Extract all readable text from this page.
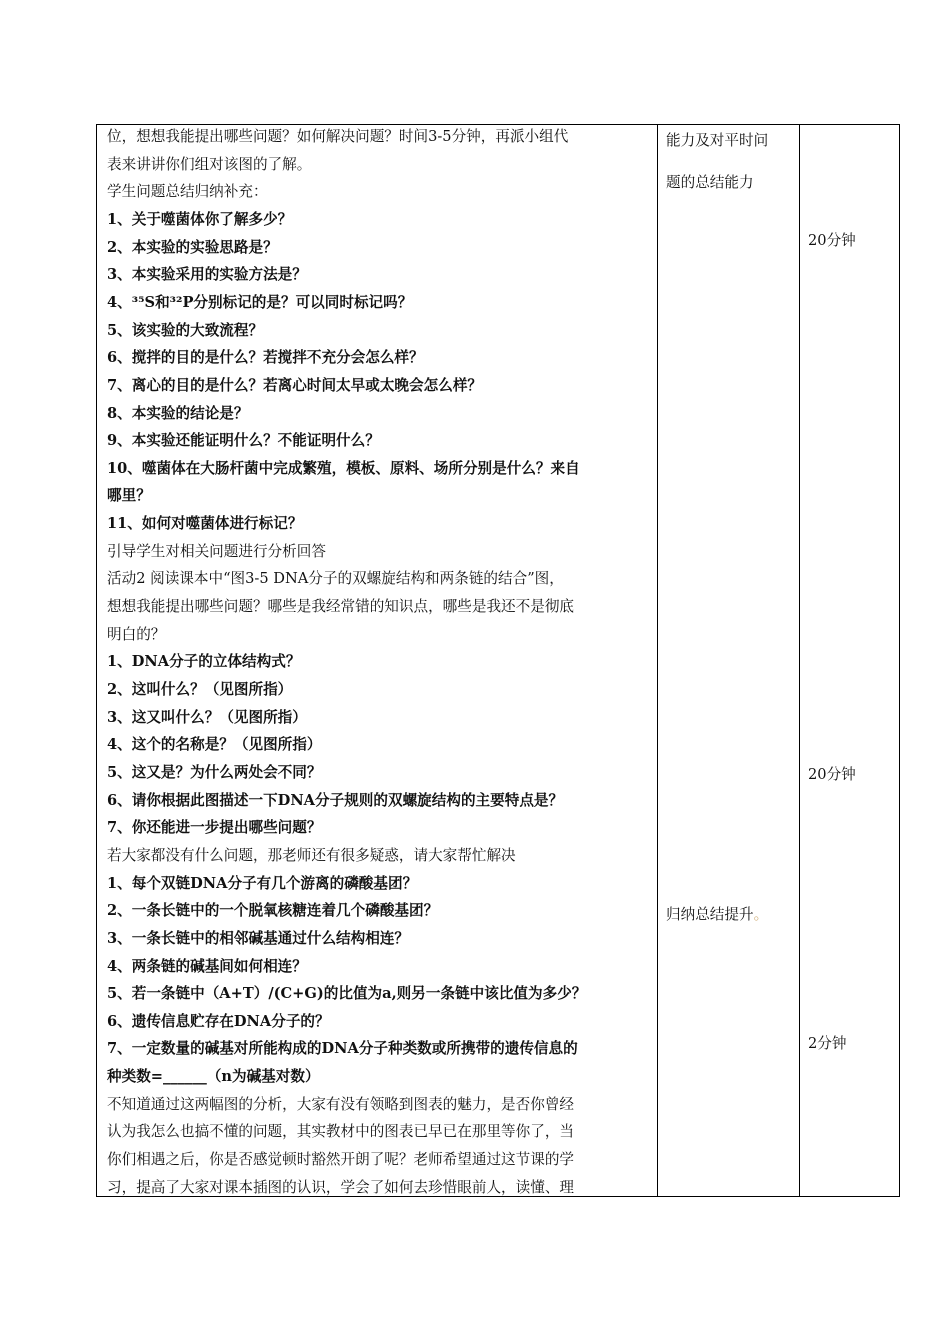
位，想想我能提出哪些问题？如何解决问题？时间3-5分钟，再派小组代
表来讲讲你们组对该图的了解。
学生问题总结归纳补充：
1、关于噬菌体你了解多少？
2、本实验的实验思路是？
3、本实验采用的实验方法是？
4、³⁵S和³²P分别标记的是？可以同时标记吗？
5、该实验的大致流程？
6、搅拌的目的是什么？若搅拌不充分会怎么样？
7、离心的目的是什么？若离心时间太早或太晚会怎么样？
8、本实验的结论是？
9、本实验还能证明什么？不能证明什么？
10、噬菌体在大肠杆菌中完成繁殖，模板、原料、场所分别是什么？来自
哪里？
11、如何对噬菌体进行标记？
引导学生对相关问题进行分析回答
活动2 阅读课本中“图3-5 DNA分子的双螺旋结构和两条链的结合”图，
想想我能提出哪些问题？哪些是我经常错的知识点，哪些是我还不是彻底
明白的？
1、DNA分子的立体结构式？
2、这叫什么？（见图所指）
3、这又叫什么？（见图所指）
4、这个的名称是？（见图所指）
5、这又是？为什么两处会不同？
6、请你根据此图描述一下DNA分子规则的双螺旋结构的主要特点是？
7、你还能进一步提出哪些问题？
若大家都没有什么问题，那老师还有很多疑惑，请大家帮忙解决
1、每个双链DNA分子有几个游离的磷酸基团？
2、一条长链中的一个脱氧核糖连着几个磷酸基团？
3、一条长链中的相邻碱基通过什么结构相连？
4、两条链的碱基间如何相连？
5、若一条链中（A+T）/(C+G)的比值为a,则另一条链中该比值为多少？
6、遗传信息贮存在DNA分子的？
7、一定数量的碱基对所能构成的DNA分子种类数或所携带的遗传信息的
种类数=______（n为碱基对数）
不知道通过这两幅图的分析，大家有没有领略到图表的魅力，是否你曾经
认为我怎么也搞不懂的问题，其实教材中的图表已早已在那里等你了，当
你们相遇之后，你是否感觉顿时豁然开朗了呢？老师希望通过这节课的学
习，提高了大家对课本插图的认识，学会了如何去珍惜眼前人，读懂、理
能力及对平时问
题的总结能力
归纳总结提升。
20分钟
20分钟
2分钟
